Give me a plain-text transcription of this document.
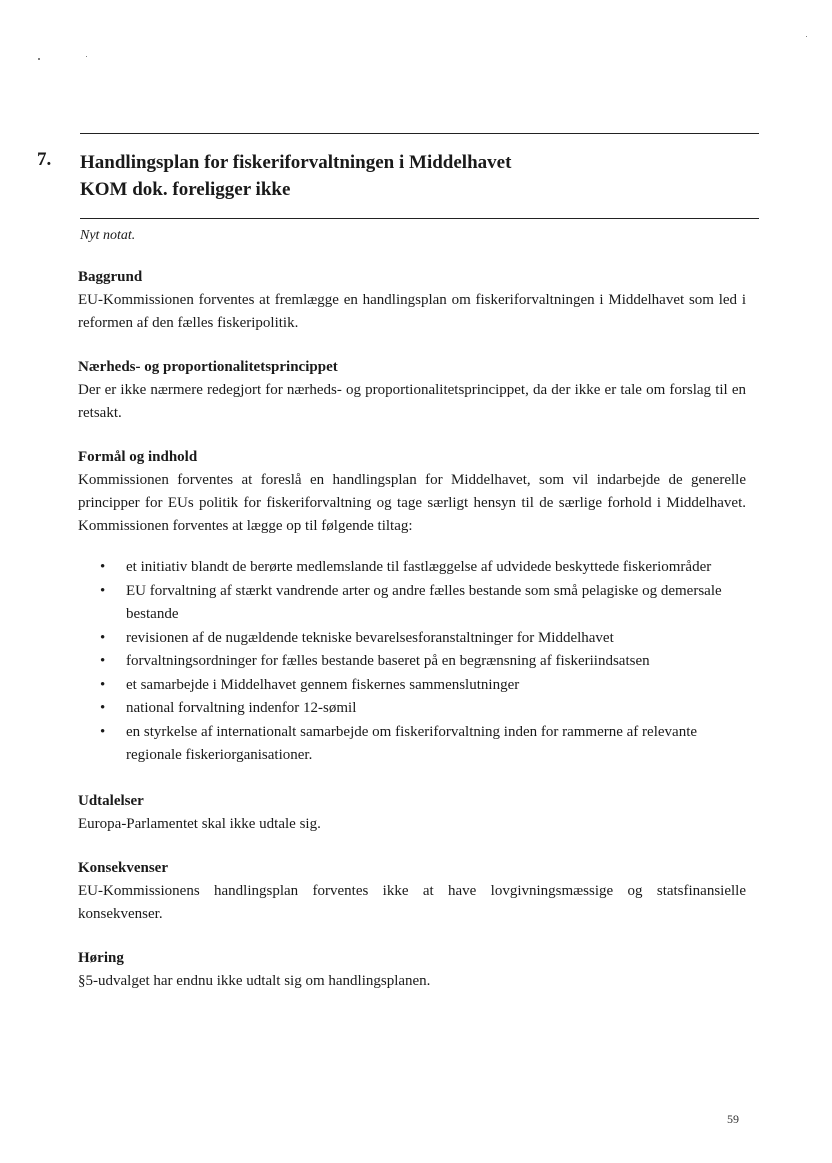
7. Handlingsplan for fiskeriforvaltningen i Middelhavet
KOM dok. foreligger ikke
Nyt notat.
Baggrund
EU-Kommissionen forventes at fremlægge en handlingsplan om fiskeriforvaltningen i Middelhavet som led i reformen af den fælles fiskeripolitik.
Nærheds- og proportionalitetsprincippet
Der er ikke nærmere redegjort for nærheds- og proportionalitetsprincippet, da der ikke er tale om forslag til en retsakt.
Formål og indhold
Kommissionen forventes at foreslå en handlingsplan for Middelhavet, som vil indarbejde de generelle principper for EUs politik for fiskeriforvaltning og tage særligt hensyn til de særlige forhold i Middelhavet. Kommissionen forventes at lægge op til følgende tiltag:
• et initiativ blandt de berørte medlemslande til fastlæggelse af udvidede beskyttede fiskeriområder
• EU forvaltning af stærkt vandrende arter og andre fælles bestande som små pelagiske og demersale bestande
• revisionen af de nugældende tekniske bevarelsesforanstaltninger for Middelhavet
• forvaltningsordninger for fælles bestande baseret på en begrænsning af fiskeriindsatsen
• et samarbejde i Middelhavet gennem fiskernes sammenslutninger
• national forvaltning indenfor 12-sømil
• en styrkelse af internationalt samarbejde om fiskeriforvaltning inden for rammerne af relevante regionale fiskeriorganisationer.
Udtalelser
Europa-Parlamentet skal ikke udtale sig.
Konsekvenser
EU-Kommissionens handlingsplan forventes ikke at have lovgivningsmæssige og statsfinansielle konsekvenser.
Høring
§5-udvalget har endnu ikke udtalt sig om handlingsplanen.
59
